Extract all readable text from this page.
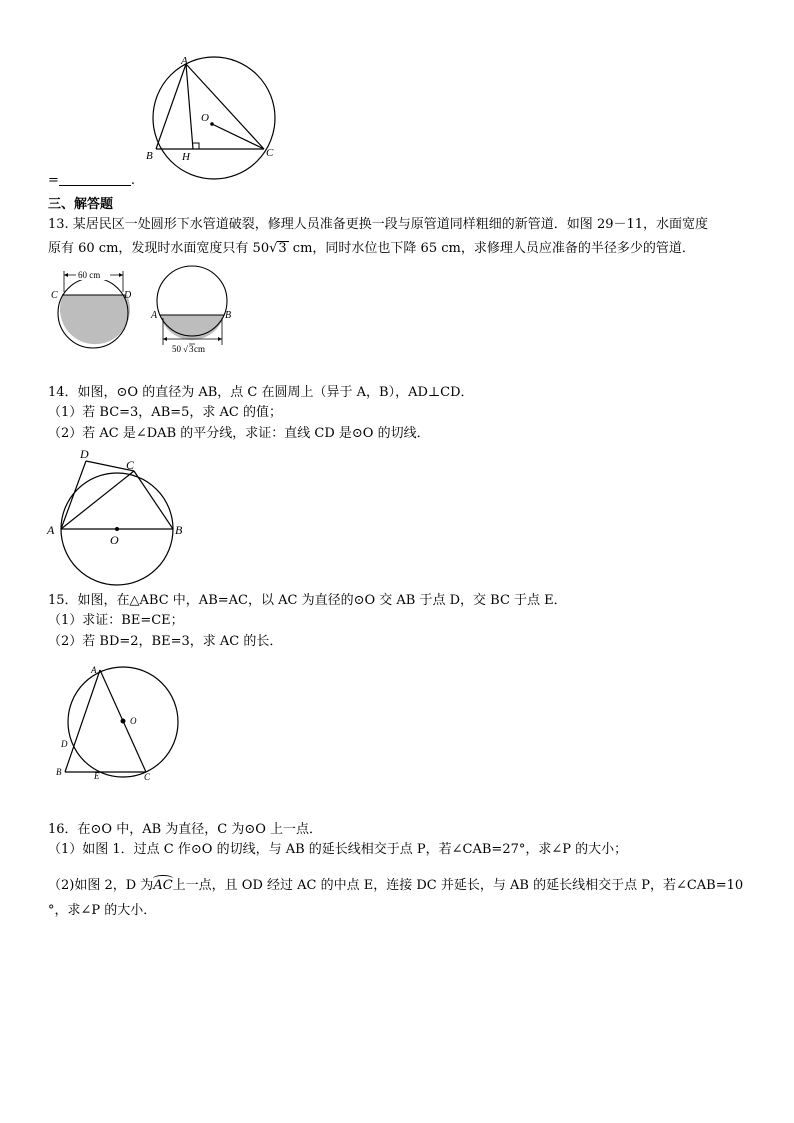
A
O
B	H	C
=	.
三、解答题
13. 某居民区一处圆形下水管道破裂，修理人员准备更换一段与原管道同样粗细的新管道．如图 29－11，水面宽度
原有 60 cm，发现时水面宽度只有 50√3 cm，同时水位也下降 65 cm，求修理人员应准备的半径多少的管道．
60 cm
C	D
A	B
50 √ 3 cm
14．如图，⊙O 的直径为 AB，点 C 在圆周上（异于 A，B），AD⊥CD．
（1）若 BC=3，AB=5，求 AC 的值；
（2）若 AC 是∠DAB 的平分线，求证：直线 CD 是⊙O 的切线．
A	B
C
D
O
15．如图，在△ABC 中，AB=AC，以 AC 为直径的⊙O 交 AB 于点 D，交 BC 于点 E．
（1）求证：BE=CE；
（2）若 BD=2，BE=3，求 AC 的长．
A
O
D
B	E	C
16．在⊙O 中，AB 为直径，C 为⊙O 上一点．
（1）如图 1．过点 C 作⊙O 的切线，与 AB 的延长线相交于点 P，若∠CAB=27°，求∠P 的大小；
（2)如图 2，D 为AC上一点，且 OD 经过 AC 的中点 E，连接 DC 并延长，与 AB 的延长线相交于点 P，若∠CAB=10
°，求∠P 的大小．
